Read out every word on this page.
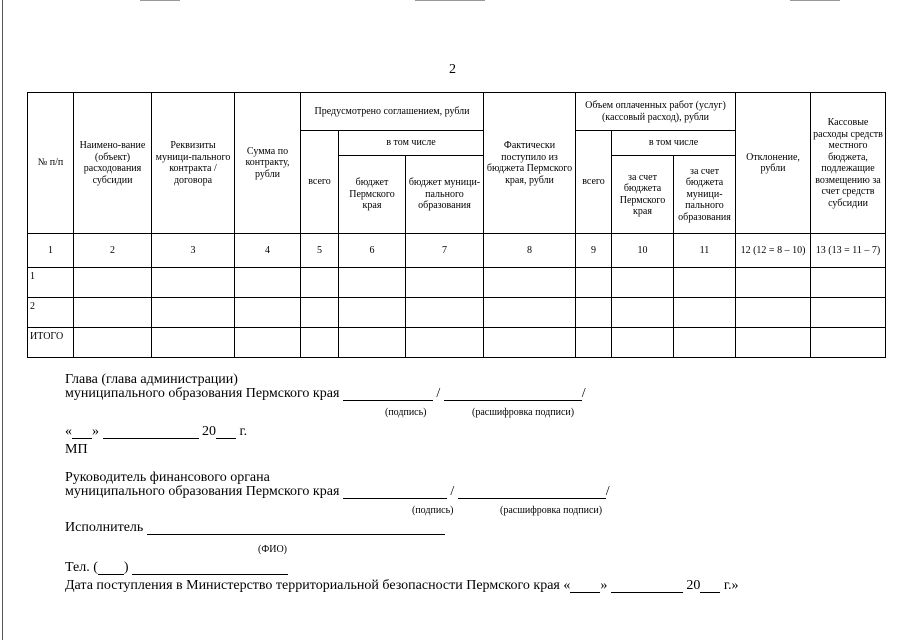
2
№ п/п	Наимено-вание (объект) расходования субсидии	Реквизиты муници-пального контракта / договора	Сумма по контракту, рубли	Предусмотрено соглашением, рубли			Фактически поступило из бюджета Пермского края, рубли	Объем оплаченных работ (услуг) (кассовый расход), рубли			Отклонение, рубли	Кассовые расходы средств местного бюджета, подлежащие возмещению за счет средств субсидии
				всего	в том числе			всего	в том числе			
					бюджет Пермского края	бюджет муници-пального образования			за счет бюджета Пермского края	за счет бюджета муници-пального образования		
1	2	3	4	5	6	7	8	9	10	11	12 (12 = 8 – 10)	13 (13 = 11 – 7)
1												
2												
ИТОГО												
Глава (глава администрации)
муниципального образования Пермского края	/	/
(подпись)	(расшифровка подписи)
« »	20 г.
МП
Руководитель финансового органа
муниципального образования Пермского края	/	/
(подпись)	(расшифровка подписи)
Исполнитель
(ФИО)
Тел. ( )
Дата поступления в Министерство территориальной безопасности Пермского края « »	20 г.»
